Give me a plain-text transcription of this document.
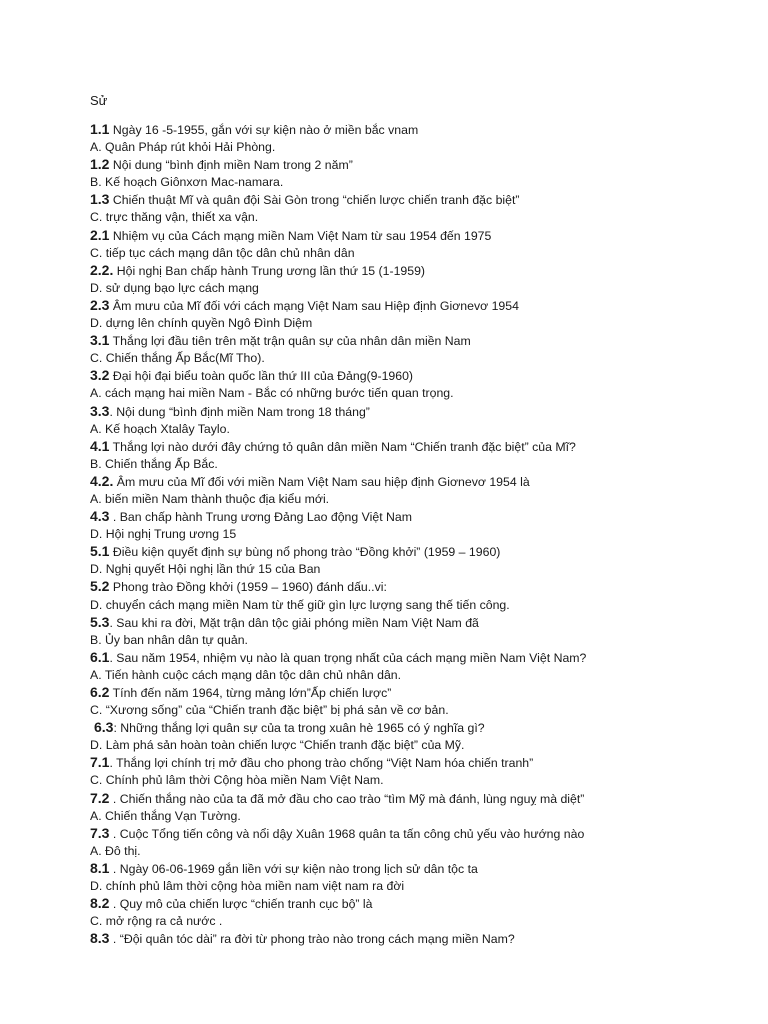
Sử
1.1 Ngày 16 -5-1955, gắn với sự kiện nào ở miền bắc vnam
A. Quân Pháp rút khỏi Hải Phòng.
1.2 Nội dung “bình định miền Nam trong 2 năm”
B. Kế hoạch Giônxơn Mac-namara.
1.3 Chiến thuật Mĩ và quân đội Sài Gòn trong “chiến lược chiến tranh đặc biệt”
C. trực thăng vận, thiết xa vận.
2.1 Nhiệm vụ của Cách mạng miền Nam Việt Nam từ sau 1954 đến 1975
C. tiếp tục cách mạng dân tộc dân chủ nhân dân
2.2. Hội nghị Ban chấp hành Trung ương lần thứ 15 (1-1959)
D. sử dụng bạo lực cách mạng
2.3 Âm mưu của Mĩ đối với cách mạng Việt Nam sau Hiệp định Giơnevơ 1954
D. dựng lên chính quyền Ngô Đình Diệm
3.1 Thắng lợi đầu tiên trên mặt trận quân sự của nhân dân miền Nam
C. Chiến thắng Ấp Bắc(Mĩ Tho).
3.2 Đại hội đại biểu toàn quốc lần thứ III của Đảng(9-1960)
A. cách mạng hai miền Nam - Bắc có những bước tiến quan trọng.
3.3. Nội dung “bình định miền Nam trong 18 tháng”
A. Kế hoạch Xtalây Taylo.
4.1 Thắng lợi nào dưới đây chứng tỏ quân dân miền Nam “Chiến tranh đặc biệt” của Mĩ?
B. Chiến thắng Ấp Bắc.
4.2. Âm mưu của Mĩ đối với miền Nam Việt Nam sau hiệp định Giơnevơ 1954 là
A. biến miền Nam thành thuộc địa kiểu mới.
4.3 . Ban chấp hành Trung ương Đảng Lao động Việt Nam
D. Hội nghị Trung ương 15
5.1 Điều kiện quyết định sự bùng nổ phong trào “Đồng khởi” (1959 – 1960)
D. Nghị quyết Hội nghị lần thứ 15 của Ban
5.2 Phong trào Đồng khởi (1959 – 1960) đánh dấu..vi:
D. chuyển cách mạng miền Nam từ thế giữ gìn lực lượng sang thế tiến công.
5.3. Sau khi ra đời, Mặt trận dân tộc giải phóng miền Nam Việt Nam đã
B. Ủy ban nhân dân tự quản.
6.1. Sau năm 1954, nhiệm vụ nào là quan trọng nhất của cách mạng miền Nam Việt Nam?
A. Tiến hành cuộc cách mạng dân tộc dân chủ nhân dân.
6.2 Tính đến năm 1964, từng mảng lớn”Ấp chiến lược”
C. “Xương sống” của “Chiến tranh đặc biệt” bị phá sản về cơ bản.
6.3: Những thắng lợi quân sự của ta trong xuân hè 1965 có ý nghĩa gì?
D. Làm phá sản hoàn toàn chiến lược “Chiến tranh đặc biệt” của Mỹ.
7.1. Thắng lợi chính trị mở đầu cho phong trào chống “Việt Nam hóa chiến tranh”
C. Chính phủ lâm thời Cộng hòa miền Nam Việt Nam.
7.2 . Chiến thắng nào của ta đã mở đầu cho cao trào “tìm Mỹ mà đánh, lùng nguỵ mà diệt”
A. Chiến thắng Vạn Tường.
7.3 . Cuộc Tổng tiến công và nổi dậy Xuân 1968 quân ta tấn công chủ yếu vào hướng nào
A. Đô thị.
8.1 . Ngày 06-06-1969 gắn liền với sự kiện nào trong lịch sử dân tộc ta
D. chính phủ lâm thời cộng hòa miền nam việt nam ra đời
8.2 . Quy mô của chiến lược “chiến tranh cục bộ” là
C. mở rộng ra cả nước .
8.3 . “Đội quân tóc dài” ra đời từ phong trào nào trong cách mạng miền Nam?
